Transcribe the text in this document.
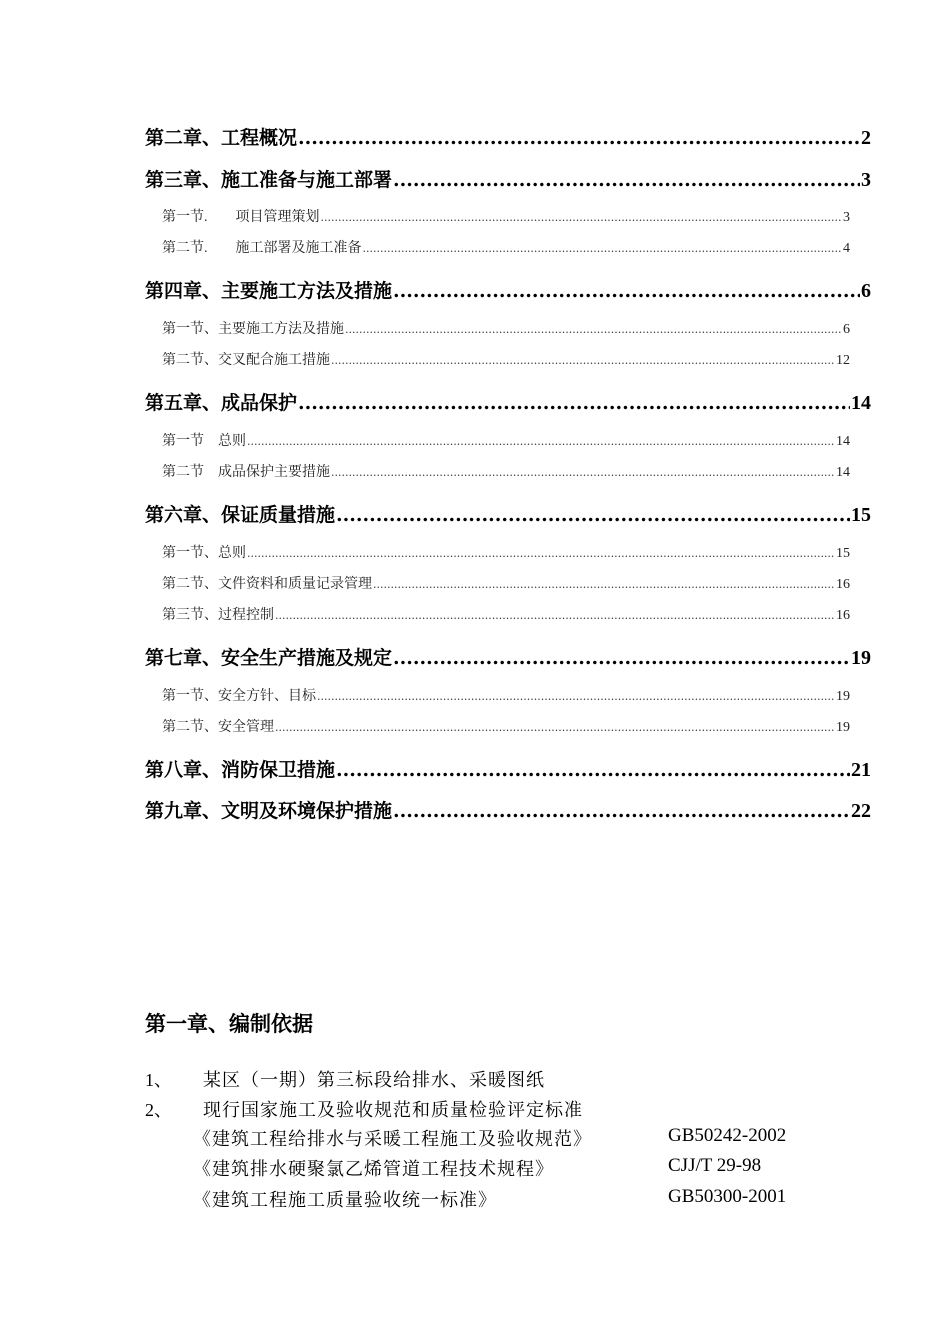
第二章、工程概况 .....	2
第三章、施工准备与施工部署 .....	3
第一节.　　项目管理策划 .....	3
第二节.　　施工部署及施工准备 .....	4
第四章、主要施工方法及措施 .....	6
第一节、主要施工方法及措施 .....	6
第二节、交叉配合施工措施 .....	12
第五章、成品保护 .....	14
第一节　总则 .....	14
第二节　成品保护主要措施 .....	14
第六章、保证质量措施 .....	15
第一节、总则 .....	15
第二节、文件资料和质量记录管理 .....	16
第三节、过程控制 .....	16
第七章、安全生产措施及规定 .....	19
第一节、安全方针、目标 .....	19
第二节、安全管理 .....	19
第八章、消防保卫措施 .....	21
第九章、文明及环境保护措施 .....	22
第一章、编制依据
1、 某区（一期）第三标段给排水、采暖图纸
2、 现行国家施工及验收规范和质量检验评定标准
《建筑工程给排水与采暖工程施工及验收规范》	GB50242-2002
《建筑排水硬聚氯乙烯管道工程技术规程》	CJJ/T 29-98
《建筑工程施工质量验收统一标准》	GB50300-2001
